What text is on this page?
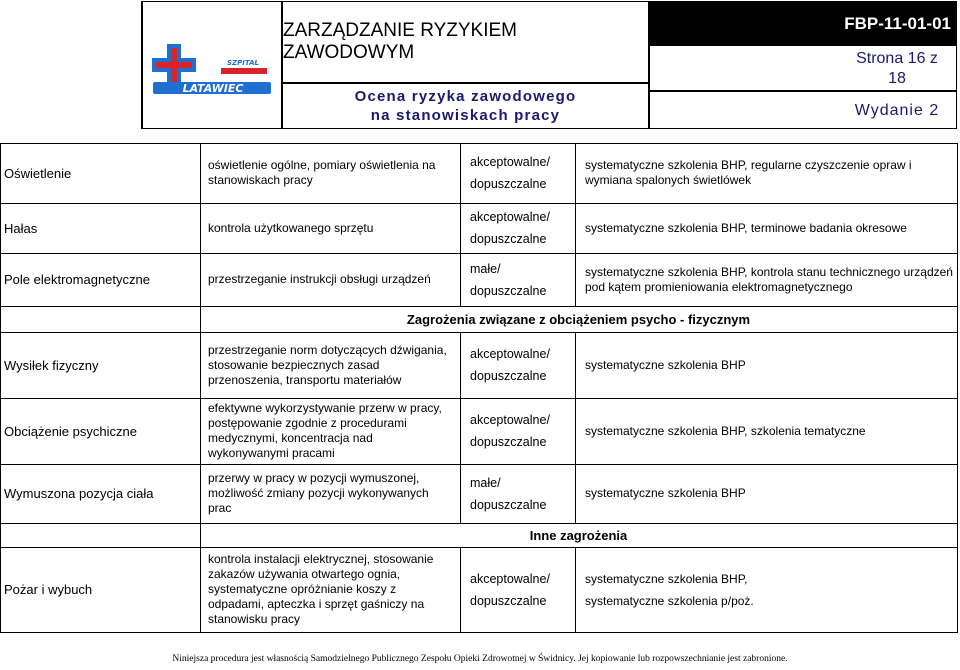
LATAWIEC
SZPITAL
ZARZĄDZANIE RYZYKIEM ZAWODOWYM
Ocena ryzyka zawodowego
na stanowiskach pracy
FBP-11-01-01
Strona 16 z
18
Wydanie 2
Oświetlenie
oświetlenie ogólne, pomiary oświetlenia na stanowiskach pracy
akceptowalne/
dopuszczalne
systematyczne szkolenia BHP, regularne czyszczenie opraw i wymiana spalonych świetlówek
Hałas	kontrola użytkowanego sprzętu
akceptowalne/
dopuszczalne
systematyczne szkolenia BHP, terminowe badania okresowe
Pole elektromagnetyczne	przestrzeganie instrukcji obsługi urządzeń
małe/
dopuszczalne
systematyczne szkolenia BHP, kontrola stanu technicznego urządzeń pod kątem promieniowania elektromagnetycznego
Zagrożenia związane z obciążeniem psycho - fizycznym
Wysiłek fizyczny
przestrzeganie norm dotyczących dźwigania, stosowanie bezpiecznych zasad przenoszenia, transportu materiałów
akceptowalne/
dopuszczalne
systematyczne szkolenia BHP
Obciążenie psychiczne
efektywne wykorzystywanie przerw w pracy, postępowanie zgodnie z procedurami medycznymi, koncentracja nad wykonywanymi pracami
akceptowalne/
dopuszczalne
systematyczne szkolenia BHP, szkolenia tematyczne
Wymuszona pozycja ciała
przerwy w pracy w pozycji wymuszonej, możliwość zmiany pozycji wykonywanych prac
małe/
dopuszczalne
systematyczne szkolenia BHP
Inne zagrożenia
Pożar i wybuch
kontrola instalacji elektrycznej, stosowanie zakazów używania otwartego ognia, systematyczne opróżnianie koszy z odpadami, apteczka i sprzęt gaśniczy na stanowisku pracy
akceptowalne/
dopuszczalne
systematyczne szkolenia BHP,
systematyczne szkolenia p/poż.
Niniejsza procedura jest własnością Samodzielnego Publicznego Zespołu Opieki Zdrowotnej w Świdnicy. Jej kopiowanie lub rozpowszechnianie jest zabronione.
